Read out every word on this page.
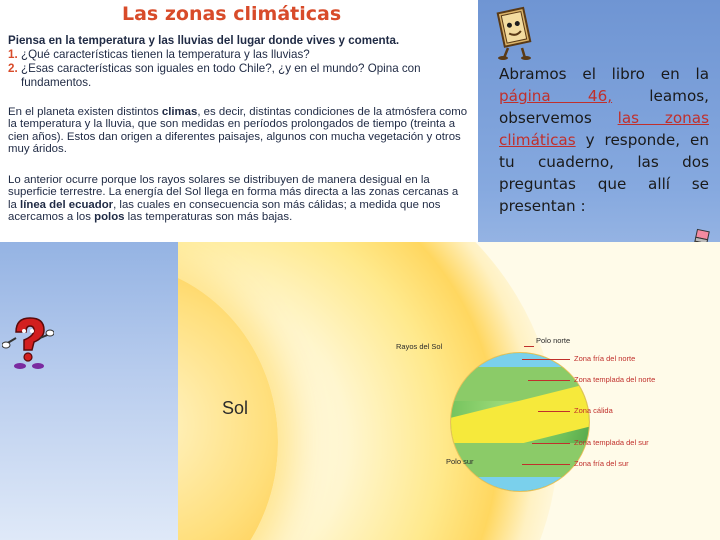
Las zonas climáticas
Piensa en la temperatura y las lluvias del lugar donde vives y comenta.
1. ¿Qué características tienen la temperatura y las lluvias?
2. ¿Esas características son iguales en todo Chile?, ¿y en el mundo? Opina con fundamentos.
En el planeta existen distintos climas, es decir, distintas condiciones de la atmósfera como la temperatura y la lluvia, que son medidas en períodos prolongados de tiempo (treinta a cien años). Estos dan origen a diferentes paisajes, algunos con mucha vegetación y otros muy áridos.
Lo anterior ocurre porque los rayos solares se distribuyen de manera desigual en la superficie terrestre. La energía del Sol llega en forma más directa a las zonas cercanas a la línea del ecuador, las cuales en consecuencia son más cálidas; a medida que nos acercamos a los polos las temperaturas son más bajas.
Abramos el libro en la página 46, leamos, observemos las zonas climáticas y responde, en tu cuaderno, las dos preguntas que allí se presentan :
Sol
Rayos del Sol
Polo norte
Polo sur
Zona fría del norte
Zona templada del norte
Zona cálida
Zona templada del sur
Zona fría del sur
